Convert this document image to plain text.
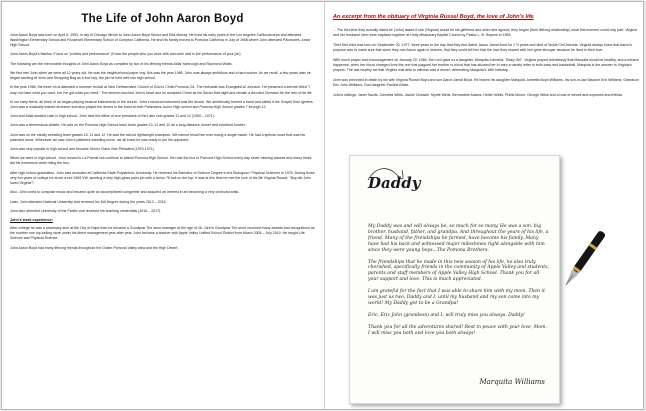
The Life of John Aaron Boyd

John Aaron Boyd was born on April 6, 1953, in city of Chicago Illinois to John Aaron Boyd Senior and Etta Murray. He lived his early years in the Los Angeles California area and attended Washington Elementary School and Roosevelt Elementary School of Compton California. He and his family moved to Pomona California in July of 1965 where John attended Palomares Junior High School.

John Aaron Boyd's Mantra: Focus on "politics and performance" (Know the people who you work with and work well in the performance of your job)

The following are the memorable thoughts of John Aaron Boyd as compiled by two of his lifelong friends Adiai Yarbrough and Raymond Watts.

We first met John when we were all 12 years old. He was the neighborhood paper boy; this was the year 1965. John was always ambitious and a hard worker. As we recall, a few years later he began working at Vons and Shopping Bag as a box boy, the job he held well into high school.

In the year 1966, the three of us attended a summer revival at New Gethsemane Church of God in Christ Pomona CA. The revivalist was Evangelist Al Johnson. He preached a sermon titled "I may not have what you want, but I've got what you need". The sermon touched John's heart and he accepted Christ as his Savior that night and remain a devoted Christian for the rest of his life.

In our early teens, all three of us began playing musical instruments in the church. John's musical instrument was the drums. We ambitiously formed a band and called it the Gospel Soul Igniters. John was a musically trained drummer and also played the drums in the band at both Palomares Junior High school and Pomona High School grades 7 through 12.

John and Adiai studied Latin in high school. John held the office of vice president of the Latin club grades 11 and 12 (1969 – 1971).

John was a tremendous athlete. He was on the Pomona High School track team grades 10, 11 and 12 as a long-distance runner and excellent hurdler.

John was on the varsity wrestling team grades 10, 11 and 12. He was the school lightweight champion. We cannot recall him ever losing a single match. He had a special move that was his patented move. Whenever we saw John's patented wrestling move, we all knew he was ready to pin his opponent.

John was very popular in high school and became Senior Class Vice President (1970-1971).

When we were in high school, John moved to La Puente but continue to attend Pomona High School. He rode the bus to Pomona High School every day never missing classes and many times did his homework while riding the bus.

After high school graduation, John was accepted at California State Polytechnic University. He received his Bachelor of Science Degree in the Biological / Physical Sciences in 1976. During those very fun years of college he drove a red 1969 VW, sporting a very high-gloss paint job with a Union 76 ball on the top. It was at this time he met the love of his life Virginia Russel. "Boy did John loved Virginia"!

Also, John loved to compose music and became quite an accomplished songwriter and acquired an interest in art becoming a very profound artist.

Later, John attended National University and received his MA Degree during the years 2012 – 2015.

John also attended University of the Pacific and received his teaching credentials (2016 – 2017).

John's work experience:

After college he was a pharmacy tech at the City of Hope then he became a Goodyear Tire store manager at the age of 26. John's Goodyear Tire store received many awards and recognitions as the number one top-selling store under his direct management year after year. John became a teacher with Apple Valley Unified School District from March 2005 – July 2019. He taught Life Science and Physical Science.

John Aaron Boyd had many lifelong friends throughout the Grater Pomona Valley area and the High Desert.

An excerpt from the obituary of Virginia Russel Boyd, the love of John's life

... The first time they actually dated he (John) asked if she (Virginia) would be his girlfriend and when she agreed, they began (their lifelong relationship) what this moment could only part. Virginia and her husband John were baptized together at Unity Missionary Baptist Church by Pastor L. B. Haynes in 1983.

Their first child was born on September 20, 1977, three years to the day that they first dated. Aaron Jamal lived for 2 ½ years and died of Sickle Cell Anemia. Virginia always knew that Aaron's purpose was to make sure that when they met Aaron again in heaven, that they could tell him that the love they shared with him grew stronger because he lived in their love.

With much prayer and encouragement on January 20, 1984, the Lord gave us a daughter, Marquita Johnetta, "Baby Girl". Virginia prayed relentlessly that Marquita would be healthy, and a miracle happened, when her blood changed from the one that plagued her brother to blood that has allowed her to earn a variety letter in both track and basketball. Marquita is the answer to Virginia's prayers. The last healthy act that Virginia was able to witness was a dinner, celebrating Marquita's 18th birthday.

John was preceded in death by his wife Virginia Russel Boyd and son Aaron Jamal Boyd. He leaves his daughter Marquita Johnetta Boyd Williams, his son-in-law Maurice Eric Williams, Grandson Eric John Williams, God daughter Pauline Blake.

John's siblings: Janet Sands, Johnetta Wells, Jackie Cheadle, Myrtle Wells, Bernardine Adams, Hellen Wells, Phillis Moore, George Wells and a host of nieces and nephews and friends.

Daddy

My Daddy was and will always be, so much for so many. He was a son, big brother, husband, father, and grandpa. And throughout the years of his life, a friend. Many of the friendships he formed, have become his family. Many have had his back and witnessed major milestones right alongside with him since they were young boys...The Pomona Brothers.

The friendships that he made in this new season of his life, he also truly cherished, specifically friends in the community of Apple Valley and students, parents and staff members of Apple Valley High School. Thank you for all your support and love. This is much appreciated.

I am grateful for the fact that I was able to share him with my mom. Then it was just us two, Daddy and I, until my husband and my son came into my world! My Daddy got to be a Grandpa!

Eric, Eric John (grandson) and I, will truly miss you always, Daddy!

Thank you for all the adventures shared! Rest in peace with your love, Mom. I will miss you both and love you both always!

Marquita Williams
